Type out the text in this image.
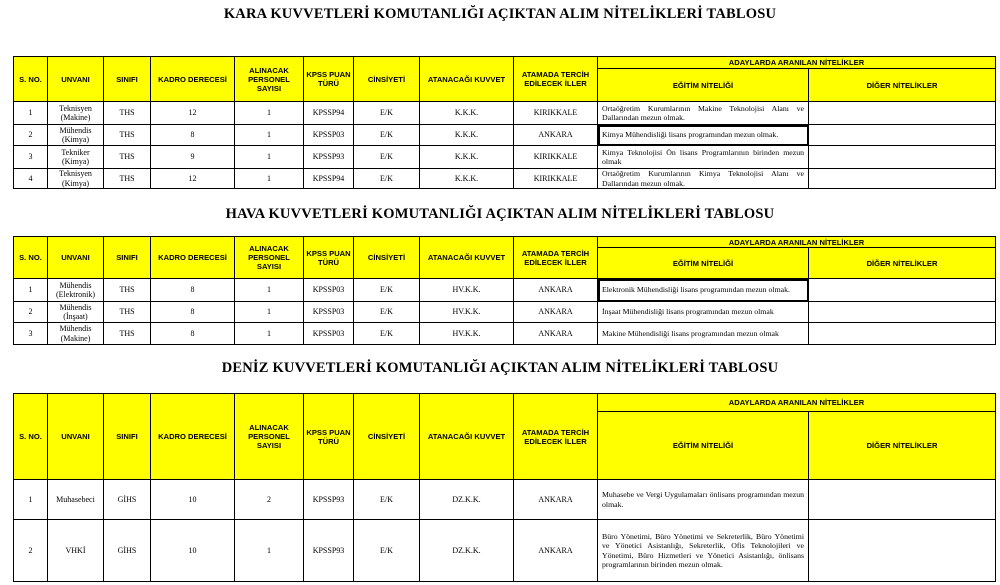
KARA KUVVETLERİ KOMUTANLIĞI AÇIKTAN ALIM NİTELİKLERİ TABLOSU
S. NO.	UNVANI	SINIFI	KADRO DERECESİ	ALINACAK PERSONEL SAYISI	KPSS PUAN TÜRÜ	CİNSİYETİ	ATANACAĞI KUVVET	ATAMADA TERCİH EDİLECEK İLLER	ADAYLARDA ARANILAN NİTELİKLER	
									EĞİTİM NİTELİĞİ	DİĞER NİTELİKLER
1	Teknisyen (Makine)	THS	12	1	KPSSP94	E/K	K.K.K.	KIRIKKALE	Ortaöğretim Kurumlarının Makine Teknolojisi Alanı ve Dallarından mezun olmak.	
2	Mühendis (Kimya)	THS	8	1	KPSSP03	E/K	K.K.K.	ANKARA	Kimya Mühendisliği lisans programından mezun olmak.	
3	Tekniker (Kimya)	THS	9	1	KPSSP93	E/K	K.K.K.	KIRIKKALE	Kimya Teknolojisi Ön lisans Programlarının birinden mezun olmak	
4	Teknisyen (Kimya)	THS	12	1	KPSSP94	E/K	K.K.K.	KIRIKKALE	Ortaöğretim Kurumlarının Kimya Teknolojisi Alanı ve Dallarından mezun olmak.	
HAVA KUVVETLERİ KOMUTANLIĞI AÇIKTAN ALIM NİTELİKLERİ TABLOSU
S. NO.	UNVANI	SINIFI	KADRO DERECESİ	ALINACAK PERSONEL SAYISI	KPSS PUAN TÜRÜ	CİNSİYETİ	ATANACAĞI KUVVET	ATAMADA TERCİH EDİLECEK İLLER	ADAYLARDA ARANILAN NİTELİKLER	
									EĞİTİM NİTELİĞİ	DİĞER NİTELİKLER
1	Mühendis (Elektronik)	THS	8	1	KPSSP03	E/K	HV.K.K.	ANKARA	Elektronik Mühendisliği lisans programından mezun olmak.	
2	Mühendis (İnşaat)	THS	8	1	KPSSP03	E/K	HV.K.K.	ANKARA	İnşaat Mühendisliği lisans programından mezun olmak	
3	Mühendis (Makine)	THS	8	1	KPSSP03	E/K	HV.K.K.	ANKARA	Makine Mühendisliği lisans programından mezun olmak	
DENİZ KUVVETLERİ KOMUTANLIĞI AÇIKTAN ALIM NİTELİKLERİ TABLOSU
S. NO.	UNVANI	SINIFI	KADRO DERECESİ	ALINACAK PERSONEL SAYISI	KPSS PUAN TÜRÜ	CİNSİYETİ	ATANACAĞI KUVVET	ATAMADA TERCİH EDİLECEK İLLER	ADAYLARDA ARANILAN NİTELİKLER	
									EĞİTİM NİTELİĞİ	DİĞER NİTELİKLER
1	Muhasebeci	GİHS	10	2	KPSSP93	E/K	DZ.K.K.	ANKARA	Muhasebe ve Vergi Uygulamaları önlisans programından mezun olmak.	
2	VHKİ	GİHS	10	1	KPSSP93	E/K	DZ.K.K.	ANKARA	Büro Yönetimi, Büro Yönetimi ve Sekreterlik, Büro Yönetimi ve Yönetici Asistanlığı, Sekreterlik, Ofis Teknolojileri ve Yönetimi, Büro Hizmetleri ve Yönetici Asistanlığı, önlisans programlarının birinden mezun olmak.	
